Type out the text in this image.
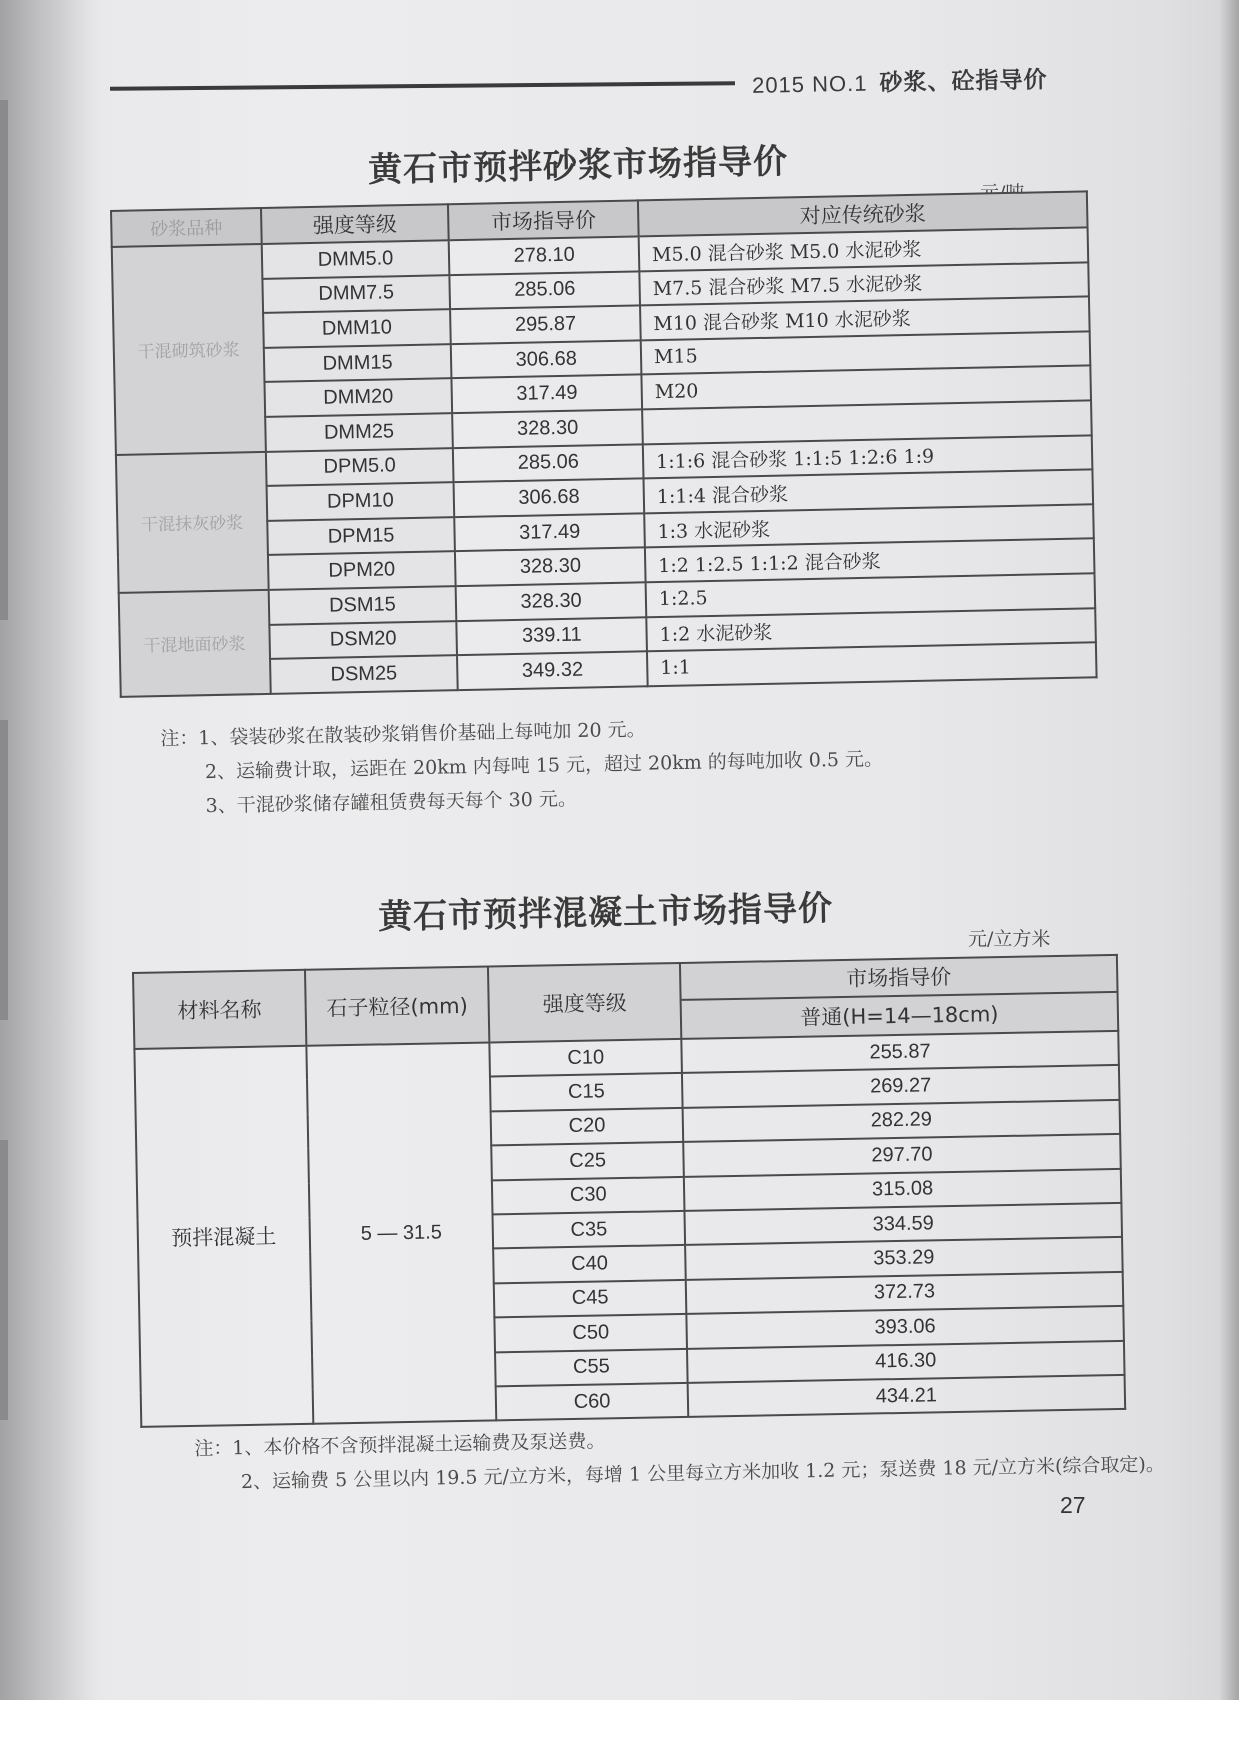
2015 NO.1 砂浆、砼指导价
黄石市预拌砂浆市场指导价
砂浆品种	强度等级	市场指导价	对应传统砂浆
干混砌筑砂浆	DMM5.0	278.10	M5.0 混合砂浆 M5.0 水泥砂浆
	DMM7.5	285.06	M7.5 混合砂浆 M7.5 水泥砂浆
	DMM10	295.87	M10 混合砂浆 M10 水泥砂浆
	DMM15	306.68	M15
	DMM20	317.49	M20
	DMM25	328.30	
干混抹灰砂浆	DPM5.0	285.06	1:1:6 混合砂浆 1:1:5 1:2:6 1:9
	DPM10	306.68	1:1:4 混合砂浆
	DPM15	317.49	1:3 水泥砂浆
	DPM20	328.30	1:2 1:2.5 1:1:2 混合砂浆
干混地面砂浆	DSM15	328.30	1:2.5
	DSM20	339.11	1:2 水泥砂浆
	DSM25	349.32	1:1
注：1、袋装砂浆在散装砂浆销售价基础上每吨加 20 元。
2、运输费计取，运距在 20km 内每吨 15 元，超过 20km 的每吨加收 0.5 元。
3、干混砂浆储存罐租赁费每天每个 30 元。
黄石市预拌混凝土市场指导价
元/立方米
材料名称	石子粒径(mm)	强度等级	市场指导价
			普通(H=14—18cm)
预拌混凝土	5 — 31.5	C10	255.87
		C15	269.27
		C20	282.29
		C25	297.70
		C30	315.08
		C35	334.59
		C40	353.29
		C45	372.73
		C50	393.06
		C55	416.30
		C60	434.21
注：1、本价格不含预拌混凝土运输费及泵送费。
2、运输费 5 公里以内 19.5 元/立方米，每增 1 公里每立方米加收 1.2 元；泵送费 18 元/立方米(综合取定)。
27
